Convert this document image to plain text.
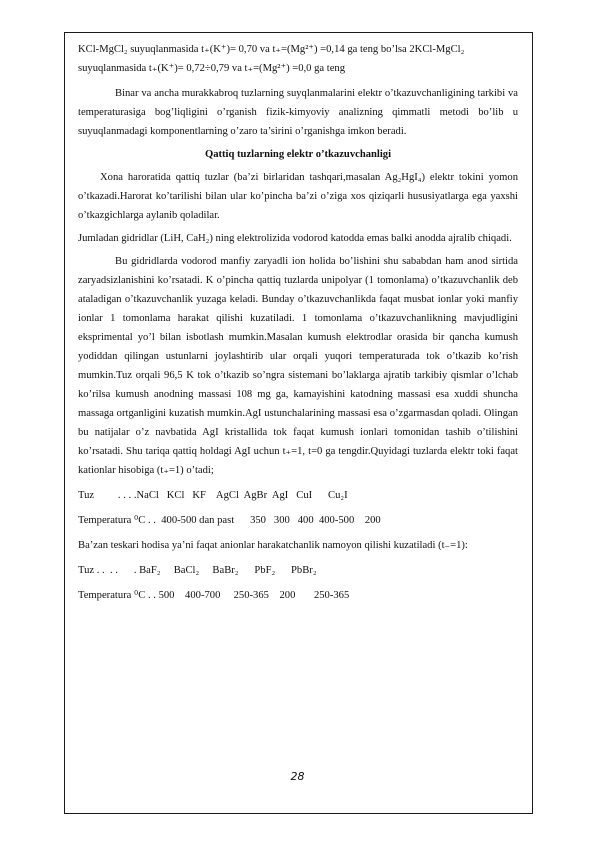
KCl-MgCl₂ suyuqlanmasida t₊(K⁺)= 0,70 va t₊=(Mg²⁺) =0,14 ga teng bo’lsa 2KCl-MgCl₂

suyuqlanmasida t₊(K⁺)= 0,72÷0,79 va t₊=(Mg²⁺) =0,0 ga teng

Binar va ancha murakkabroq tuzlarning suyqlanmalarini elektr o’tkazuvchanligining tarkibi va temperaturasiga bog’liqligini o’rganish fizik-kimyoviy analizning qimmatli metodi bo’lib u suyuqlanmadagi komponentlarning o’zaro ta’sirini o’rganishga imkon beradi.

Qattiq tuzlarning elektr o’tkazuvchanligi

Xona haroratida qattiq tuzlar (ba’zi birlaridan tashqari,masalan Ag₂HgI₄) elektr tokini yomon o’tkazadi.Harorat ko’tarilishi bilan ular ko’pincha ba’zi o’ziga xos qiziqarli hususiyatlarga ega yaxshi o’tkazgichlarga aylanib qoladilar.

Jumladan gidridlar (LiH, CaH₂) ning elektrolizida vodorod katodda emas balki anodda ajralib chiqadi.

Bu gidridlarda vodorod manfiy zaryadli ion holida bo’lishini shu sababdan ham anod sirtida zaryadsizlanishini ko’rsatadi. K o’pincha qattiq tuzlarda unipolyar (1 tomonlama) o’tkazuvchanlik deb ataladigan o’tkazuvchanlik yuzaga keladi. Bunday o’tkazuvchanlikda faqat musbat ionlar yoki manfiy ionlar 1 tomonlama harakat qilishi kuzatiladi. 1 tomonlama o’tkazuvchanlikning mavjudligini eksprimental yo’l bilan isbotlash mumkin.Masalan kumush elektrodlar orasida bir qancha kumush yodiddan qilingan ustunlarni joylashtirib ular orqali yuqori temperaturada tok o’tkazib ko’rish mumkin.Tuz orqali 96,5 K tok o’tkazib so’ngra sistemani bo’laklarga ajratib tarkibiy qismlar o’lchab ko’rilsa kumush anodning massasi 108 mg ga, kamayishini katodning massasi esa xuddi shuncha massaga ortganligini kuzatish mumkin.AgI ustunchalarining massasi esa o’zgarmasdan qoladi. Olingan bu natijalar o’z navbatida AgI kristallida tok faqat kumush ionlari tomonidan tashib o’tilishini ko’rsatadi. Shu tariqa qattiq holdagi AgI uchun t₊=1, t=0 ga tengdir.Quyidagi tuzlarda elektr toki faqat kationlar hisobiga (t₊=1) o’tadi;

Tuz         . . . .NaCl   KCl   KF    AgCl  AgBr  AgI   CuI      Cu₂I
Temperatura ⁰C . .  400-500 dan past      350   300   400  400-500    200
Ba’zan teskari hodisa ya’ni faqat anionlar harakatchanlik namoyon qilishi kuzatiladi (t₋=1):
Tuz . .  . .      . BaF₂     BaCl₂     BaBr₂      PbF₂      PbBr₂
Temperatura ⁰C . . 500    400-700     250-365    200       250-365
28
